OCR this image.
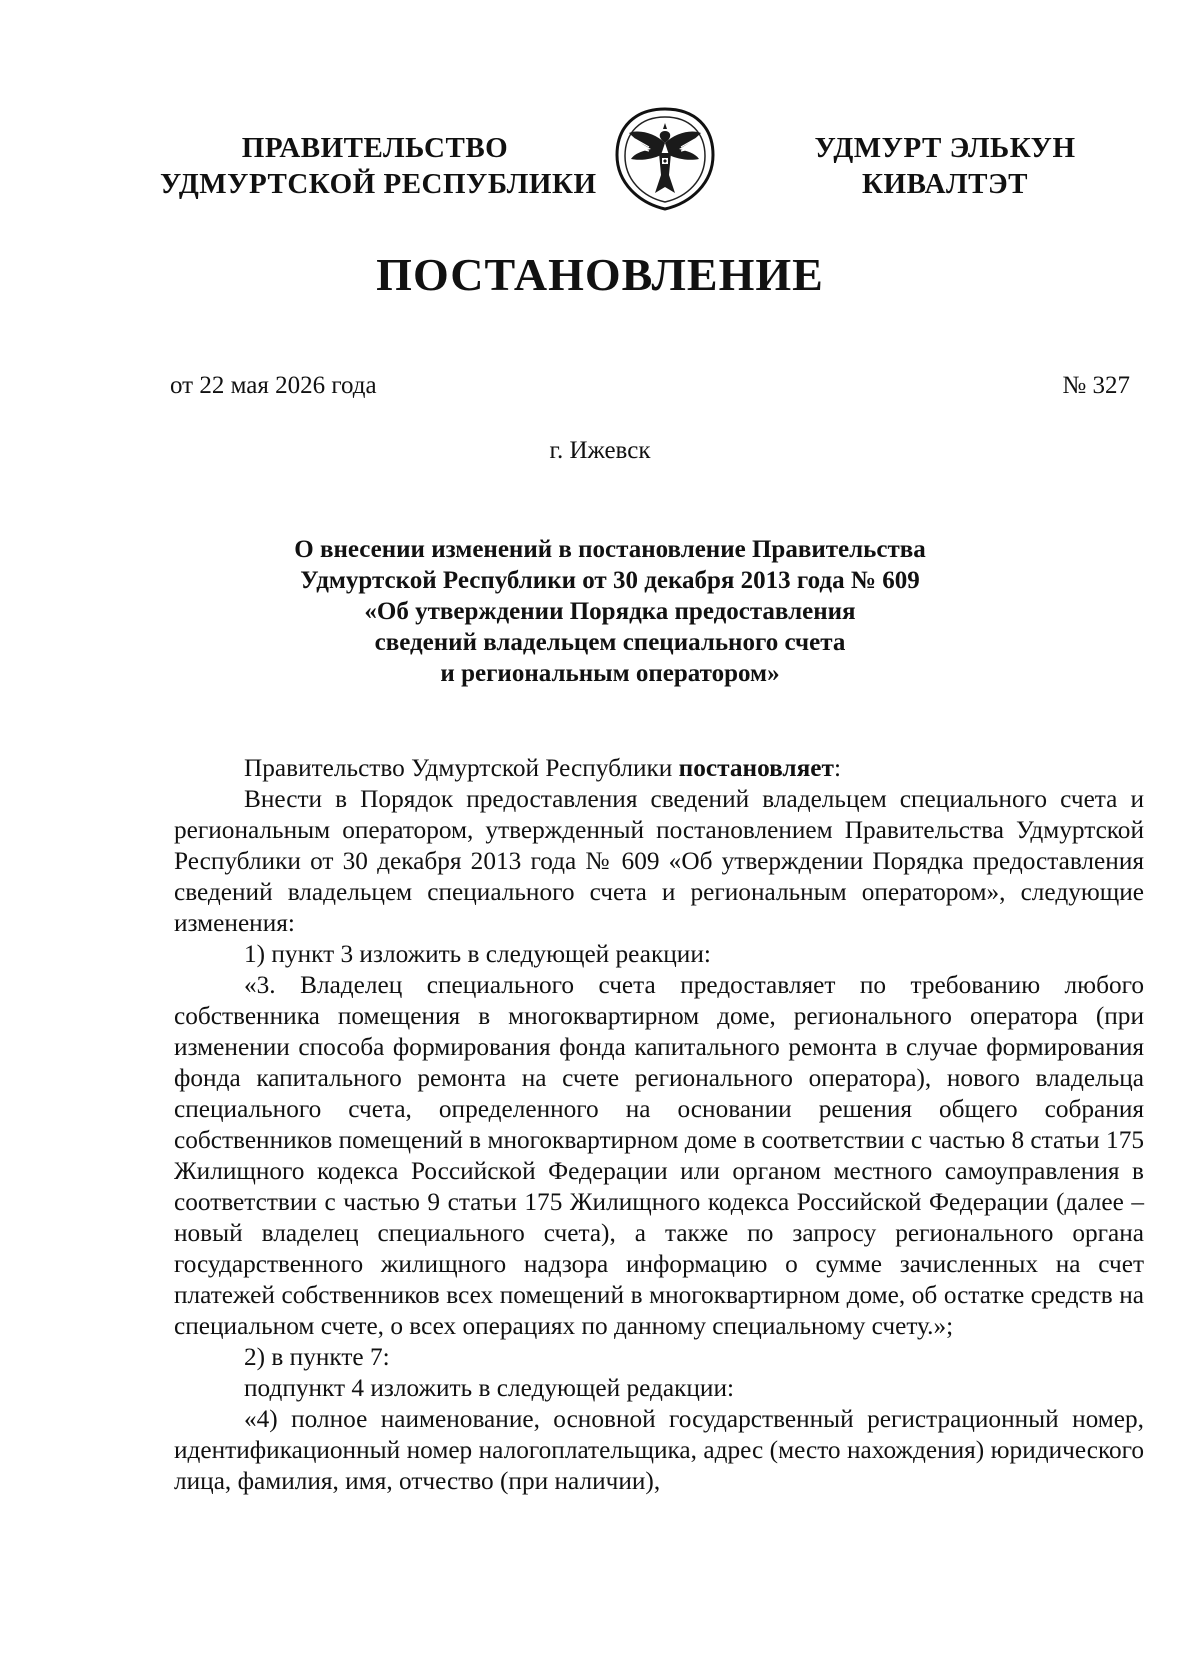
ПРАВИТЕЛЬСТВО
УДМУРТСКОЙ РЕСПУБЛИКИ
УДМУРТ ЭЛЬКУН
КИВАЛТЭТ
ПОСТАНОВЛЕНИЕ
от 22 мая 2026 года	№ 327
г. Ижевск
О внесении изменений в постановление Правительства
Удмуртской Республики от 30 декабря 2013 года № 609
«Об утверждении Порядка предоставления
сведений владельцем специального счета
и региональным оператором»

Правительство Удмуртской Республики постановляет:

Внести в Порядок предоставления сведений владельцем специального счета и региональным оператором, утвержденный постановлением Правительства Удмуртской Республики от 30 декабря 2013 года № 609 «Об утверждении Порядка предоставления сведений владельцем специального счета и региональным оператором», следующие изменения:

1) пункт 3 изложить в следующей реакции:

«3. Владелец специального счета предоставляет по требованию любого собственника помещения в многоквартирном доме, регионального оператора (при изменении способа формирования фонда капитального ремонта в случае формирования фонда капитального ремонта на счете регионального оператора), нового владельца специального счета, определенного на основании решения общего собрания собственников помещений в многоквартирном доме в соответствии с частью 8 статьи 175 Жилищного кодекса Российской Федерации или органом местного самоуправления в соответствии с частью 9 статьи 175 Жилищного кодекса Российской Федерации (далее – новый владелец специального счета), а также по запросу регионального органа государственного жилищного надзора информацию о сумме зачисленных на счет платежей собственников всех помещений в многоквартирном доме, об остатке средств на специальном счете, о всех операциях по данному специальному счету.»;

2) в пункте 7:

подпункт 4 изложить в следующей редакции:

«4) полное наименование, основной государственный регистрационный номер, идентификационный номер налогоплательщика, адрес (место нахождения) юридического лица, фамилия, имя, отчество (при наличии),
